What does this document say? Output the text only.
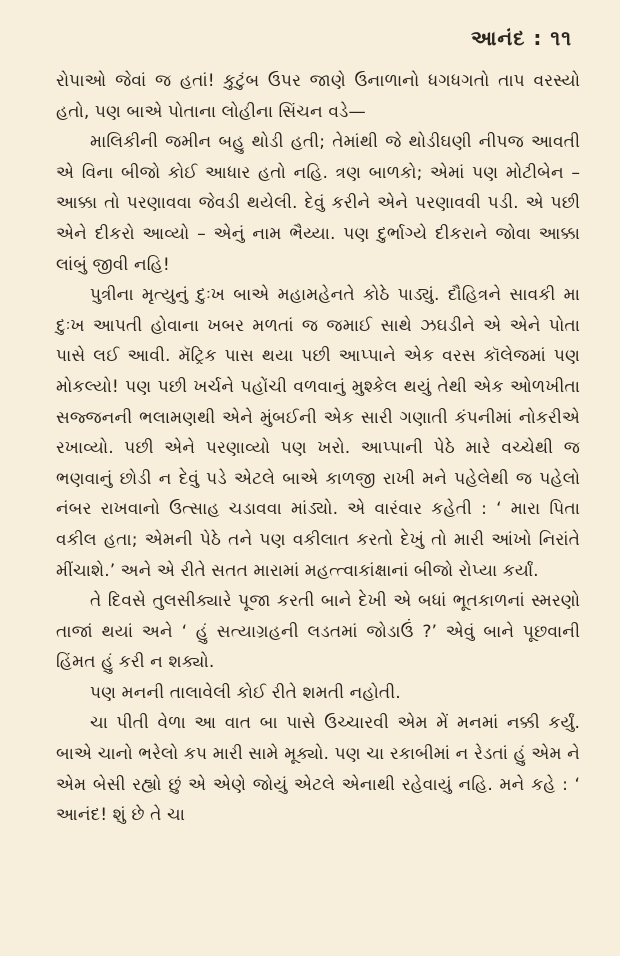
આનંદ : ૧૧

રોપાઓ જેવાં જ હતાં! કુટુંબ ઉપર જાણે ઉનાળાનો ધગધગતો તાપ વરસ્યો હતો, પણ બાએ પોતાના લોહીના સિંચન વડે—

માલિકીની જમીન બહુ થોડી હતી; તેમાંથી જે થોડીઘણી નીપજ આવતી એ વિના બીજો કોઈ આધાર હતો નહિ. ત્રણ બાળકો; એમાં પણ મોટીબેન – આક્કા તો પરણાવવા જેવડી થયેલી. દેવું કરીને એને પરણાવવી પડી. એ પછી એને દીકરો આવ્યો – એનું નામ ભૈય્યા. પણ દુર્ભાગ્યે દીકરાને જોવા આક્કા લાંબું જીવી નહિ!

પુત્રીના મૃત્યુનું દુઃખ બાએ મહામહેનતે કોઠે પાડ્યું. દૌહિત્રને સાવકી મા દુઃખ આપતી હોવાના ખબર મળતાં જ જમાઈ સાથે ઝઘડીને એ એને પોતા પાસે લઈ આવી. મૅટ્રિક પાસ થયા પછી આપ્પાને એક વરસ કૉલેજમાં પણ મોકલ્યો! પણ પછી ખર્ચને પહોંચી વળવાનું મુશ્કેલ થયું તેથી એક ઓળખીતા સજ્જનની ભલામણથી એને મુંબઈની એક સારી ગણાતી કંપનીમાં નોકરીએ રખાવ્યો. પછી એને પરણાવ્યો પણ ખરો. આપ્પાની પેઠે મારે વચ્ચેથી જ ભણવાનું છોડી ન દેવું પડે એટલે બાએ કાળજી રાખી મને પહેલેથી જ પહેલો નંબર રાખવાનો ઉત્સાહ ચડાવવા માંડ્યો. એ વારંવાર કહેતી : ‘ મારા પિતા વકીલ હતા; એમની પેઠે તને પણ વકીલાત કરતો દેખું તો મારી આંખો નિરાંતે મીંચાશે.’ અને એ રીતે સતત મારામાં મહત્ત્વાકાંક્ષાનાં બીજો રોપ્યા કર્યાં.

તે દિવસે તુલસીક્યારે પૂજા કરતી બાને દેખી એ બધાં ભૂતકાળનાં સ્મરણો તાજાં થયાં અને ‘ હું સત્યાગ્રહની લડતમાં જોડાઉં ?’ એવું બાને પૂછવાની હિંમત હું કરી ન શક્યો.

પણ મનની તાલાવેલી કોઈ રીતે શમતી નહોતી.

ચા પીતી વેળા આ વાત બા પાસે ઉચ્ચારવી એમ મેં મનમાં નક્કી કર્યું. બાએ ચાનો ભરેલો કપ મારી સામે મૂક્યો. પણ ચા રકાબીમાં ન રેડતાં હું એમ ને એમ બેસી રહ્યો છું એ એણે જોયું એટલે એનાથી રહેવાયું નહિ. મને કહે : ‘ આનંદ! શું છે તે ચા
